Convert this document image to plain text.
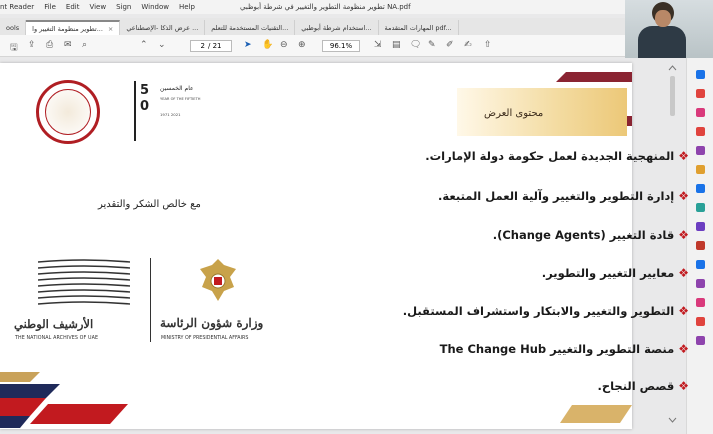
nt Reader File Edit View Sign Window Help	تطوير منظومة التطوير والتغيير في شرطة أبوظبي NA.pdf
ools تطوير منظومة التغيير وا... × عرض الذكا -الإصطناعي ... التقنيات المستخدمة للتعلم... استخدام شرطة أبوظبي... المهارات المتقدمة pdf...
🖫 ⇪ ⎙ ✉ ⌕	⌃ ⌄	➤ ✋ ⊖ ⊕	⇲ ▤ 🗨 ✎ ✐ ✍ ⇧
2 / 21	96.1%
محتوى العرض
❖
المنهجية الجديدة لعمل حكومة دولة الإمارات.
❖
إدارة التطوير والتغيير وآلية العمل المتبعة.
❖
قادة التغيير (Change Agents).
❖
معايير التغيير والتطوير.
❖
التطوير والتغيير والابتكار واستشراف المستقبل.
❖
منصة التطوير والتغيير The Change Hub
❖
قصص النجاح.
5
0
عام الخمسين
YEAR OF THE FIFTIETH
1971 2021
مع خالص الشكر والتقدير
الأرشيف الوطني
THE NATIONAL ARCHIVES OF UAE
وزارة شؤون الرئاسة
MINISTRY OF PRESIDENTIAL AFFAIRS
